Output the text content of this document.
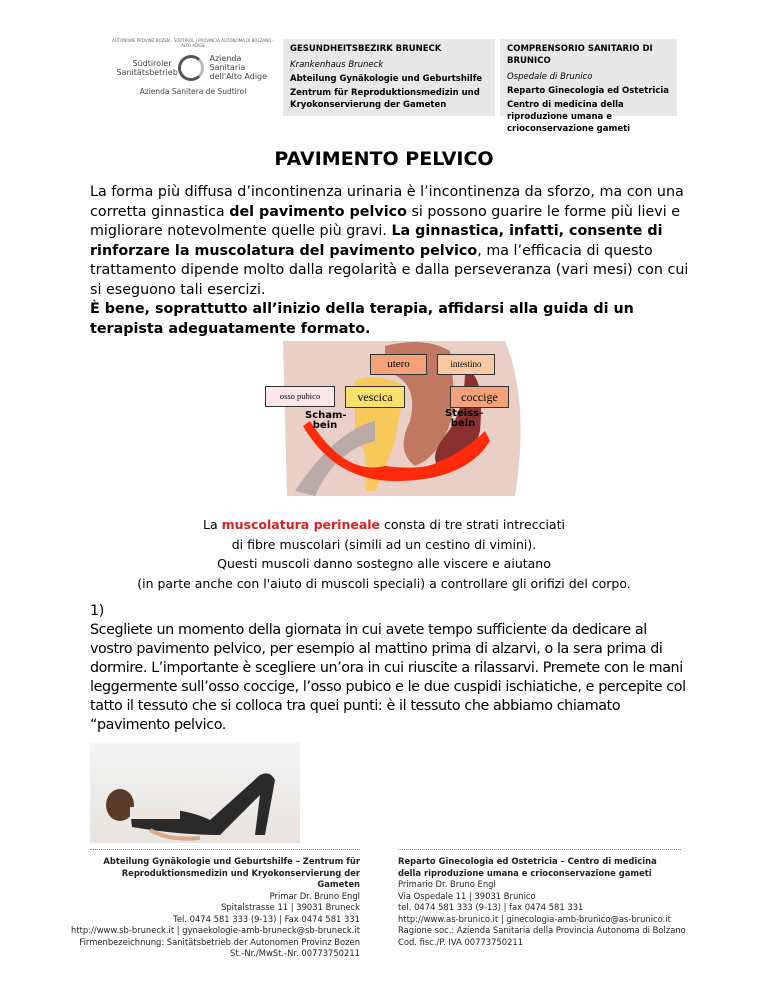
AUTONOME PROVINZ BOZEN - SÜDTIROL | PROVINCIA AUTONOMA DI BOLZANO - ALTO ADIGE
Südtiroler Sanitätsbetrieb
Azienda Sanitaria dell'Alto Adige
Azienda Sanitera de Sudtirol
GESUNDHEITSBEZIRK BRUNECK
Krankenhaus Bruneck
Abteilung Gynäkologie und Geburtshilfe
Zentrum für Reproduktionsmedizin und Kryokonservierung der Gameten
COMPRENSORIO SANITARIO DI BRUNICO
Ospedale di Brunico
Reparto Ginecologia ed Ostetricia
Centro di medicina della riproduzione umana e crioconservazione gameti
PAVIMENTO PELVICO
La forma più diffusa d’incontinenza urinaria è l’incontinenza da sforzo, ma con una corretta ginnastica del pavimento pelvico si possono guarire le forme più lievi e migliorare notevolmente quelle più gravi. La ginnastica, infatti, consente di rinforzare la muscolatura del pavimento pelvico, ma l’efficacia di questo trattamento dipende molto dalla regolarità e dalla perseveranza (vari mesi) con cui si eseguono tali esercizi.
È bene, soprattutto all’inizio della terapia, affidarsi alla guida di un terapista adeguatamente formato.
utero	intestino
osso pubico	vescica	coccige
Scham-bein
Steiss-bein
La muscolatura perineale consta di tre strati intrecciati
di fibre muscolari (simili ad un cestino di vimini).
Questi muscoli danno sostegno alle viscere e aiutano
(in parte anche con l'aiuto di muscoli speciali) a controllare gli orifizi del corpo.
1)
Scegliete un momento della giornata in cui avete tempo sufficiente da dedicare al vostro pavimento pelvico, per esempio al mattino prima di alzarvi, o la sera prima di dormire. L’importante è scegliere un’ora in cui riuscite a rilassarvi. Premete con le mani leggermente sull’osso coccige, l’osso pubico e le due cuspidi ischiatiche, e percepite col tatto il tessuto che si colloca tra quei punti: è il tessuto che abbiamo chiamato “pavimento pelvico.
Abteilung Gynäkologie und Geburtshilfe – Zentrum für Reproduktionsmedizin und Kryokonservierung der Gameten
Primar Dr. Bruno Engl
Spitalstrasse 11 | 39031 Bruneck
Tel. 0474 581 333 (9-13) | Fax 0474 581 331
http://www.sb-bruneck.it | gynaekologie-amb-bruneck@sb-bruneck.it
Firmenbezeichnung: Sanitätsbetrieb der Autonomen Provinz Bozen
St.-Nr./MwSt.-Nr. 00773750211
Reparto Ginecologia ed Ostetricia – Centro di medicina della riproduzione umana e crioconservazione gameti
Primario Dr. Bruno Engl
Via Ospedale 11 | 39031 Brunico
tel. 0474 581 333 (9-13) | fax 0474 581 331
http://www.as-brunico.it | ginecologia-amb-brunico@as-brunico.it
Ragione soc.: Azienda Sanitaria della Provincia Autonoma di Bolzano
Cod. fisc./P. IVA 00773750211
